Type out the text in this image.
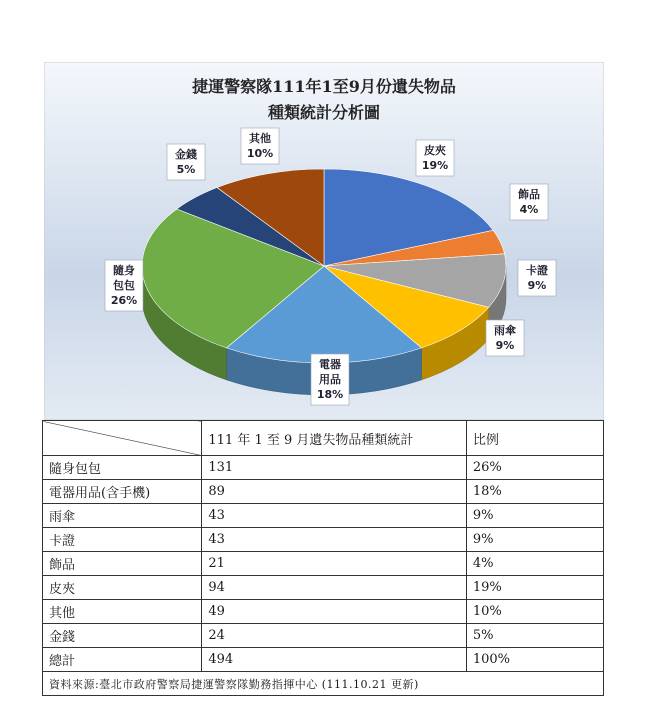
捷運警察隊111年1至9月份遺失物品
種類統計分析圖
皮夾
19%
飾品
4%
卡證
9%
雨傘
9%
電器
用品
18%
隨身
包包
26%
金錢
5%
其他
10%
	111 年 1 至 9 月遺失物品種類統計	比例
隨身包包	131	26%
電器用品(含手機)	89	18%
雨傘	43	9%
卡證	43	9%
飾品	21	4%
皮夾	94	19%
其他	49	10%
金錢	24	5%
總計	494	100%
資料來源:臺北市政府警察局捷運警察隊勤務指揮中心 (111.10.21 更新)		
